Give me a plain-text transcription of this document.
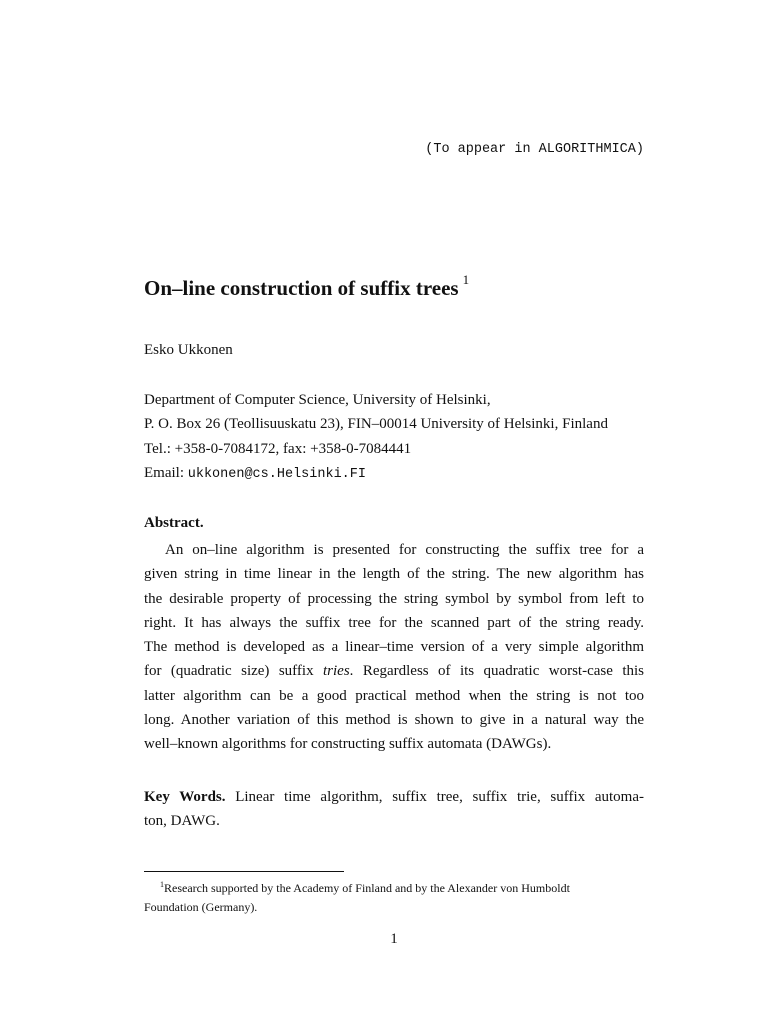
(To appear in ALGORITHMICA)
On–line construction of suffix trees $^1$
Esko Ukkonen
Department of Computer Science, University of Helsinki,
P. O. Box 26 (Teollisuuskatu 23), FIN–00014 University of Helsinki, Finland
Tel.: +358-0-7084172, fax: +358-0-7084441
Email: ukkonen@cs.Helsinki.FI
Abstract.
An on–line algorithm is presented for constructing the suffix tree for a
given string in time linear in the length of the string. The new algorithm has
the desirable property of processing the string symbol by symbol from left to
right. It has always the suffix tree for the scanned part of the string ready.
The method is developed as a linear–time version of a very simple algorithm
for (quadratic size) suffix tries. Regardless of its quadratic worst-case this
latter algorithm can be a good practical method when the string is not too
long. Another variation of this method is shown to give in a natural way the
well–known algorithms for constructing suffix automata (DAWGs).
Key Words. Linear time algorithm, suffix tree, suffix trie, suffix automa-
ton, DAWG.
$^1$Research supported by the Academy of Finland and by the Alexander von Humboldt
Foundation (Germany).
1
